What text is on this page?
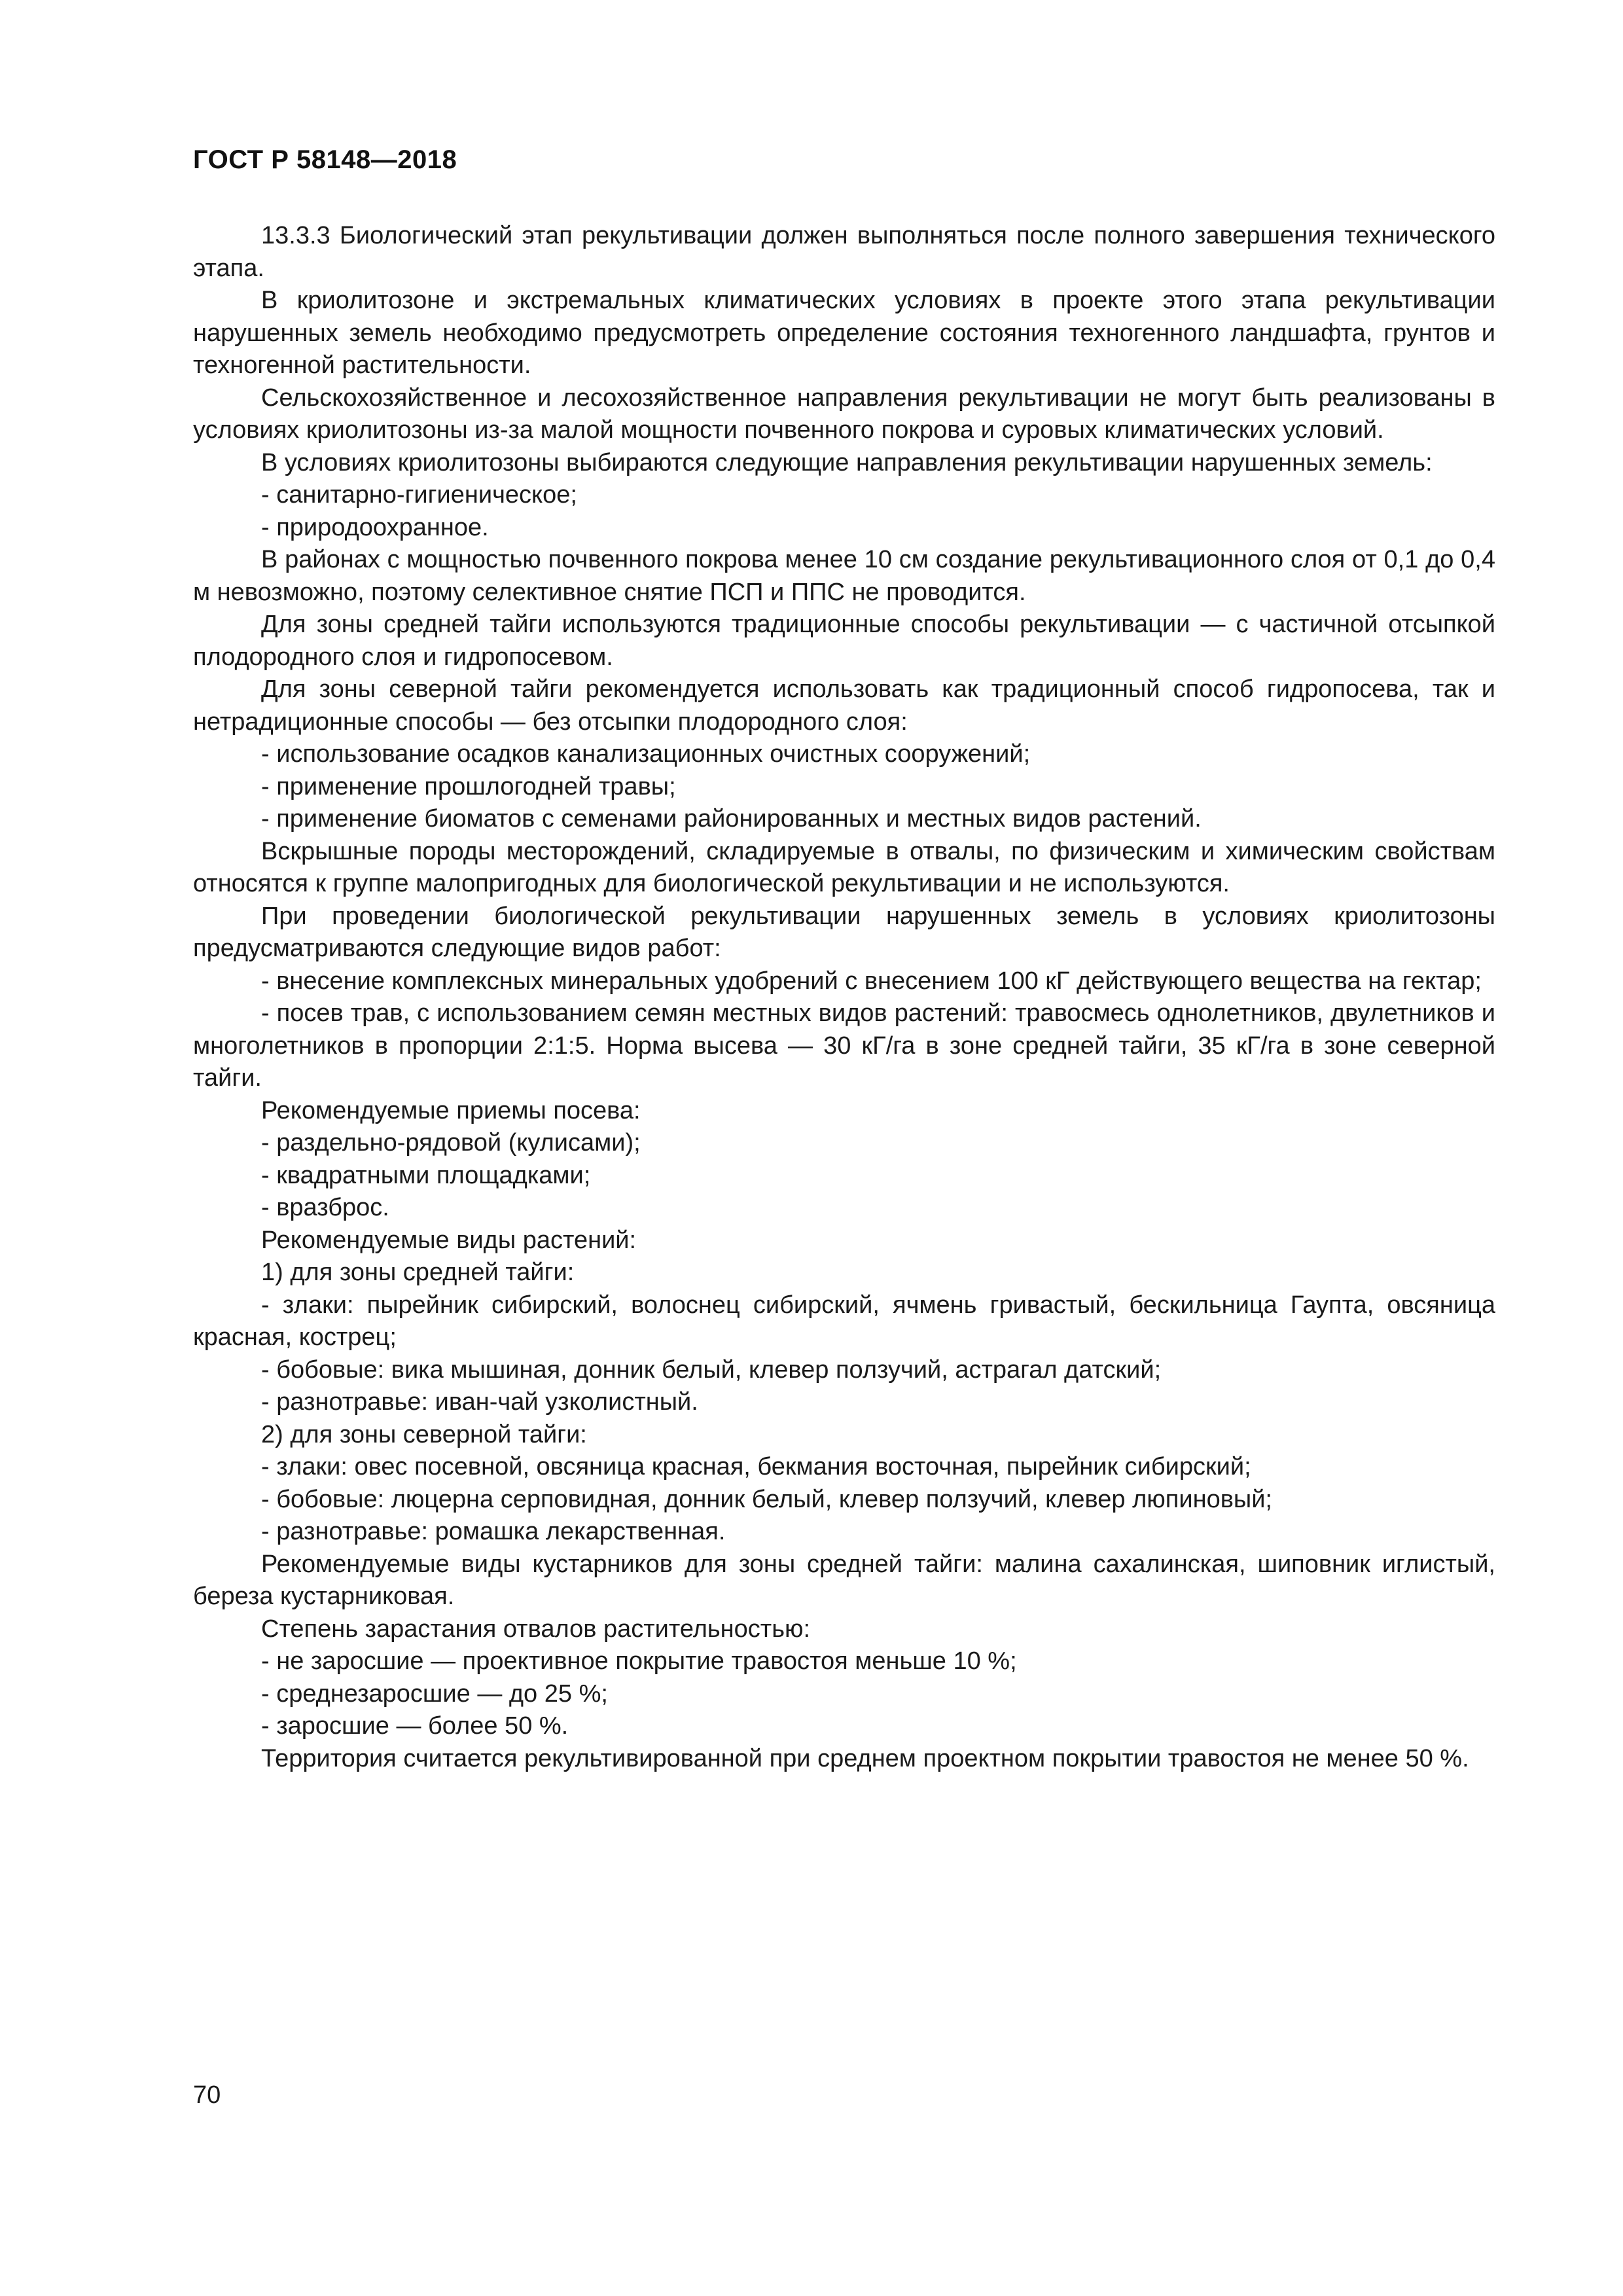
ГОСТ Р 58148—2018

13.3.3 Биологический этап рекультивации должен выполняться после полного завершения технического этапа.

В криолитозоне и экстремальных климатических условиях в проекте этого этапа рекультивации нарушенных земель необходимо предусмотреть определение состояния техногенного ландшафта, грунтов и техногенной растительности.

Сельскохозяйственное и лесохозяйственное направления рекультивации не могут быть реализованы в условиях криолитозоны из-за малой мощности почвенного покрова и суровых климатических условий.

В условиях криолитозоны выбираются следующие направления рекультивации нарушенных земель:

- санитарно-гигиеническое;

- природоохранное.

В районах с мощностью почвенного покрова менее 10 см создание рекультивационного слоя от 0,1 до 0,4 м невозможно, поэтому селективное снятие ПСП и ППС не проводится.

Для зоны средней тайги используются традиционные способы рекультивации — с частичной отсыпкой плодородного слоя и гидропосевом.

Для зоны северной тайги рекомендуется использовать как традиционный способ гидропосева, так и нетрадиционные способы — без отсыпки плодородного слоя:

- использование осадков канализационных очистных сооружений;

- применение прошлогодней травы;

- применение биоматов с семенами районированных и местных видов растений.

Вскрышные породы месторождений, складируемые в отвалы, по физическим и химическим свойствам относятся к группе малопригодных для биологической рекультивации и не используются.

При проведении биологической рекультивации нарушенных земель в условиях криолитозоны предусматриваются следующие видов работ:

- внесение комплексных минеральных удобрений с внесением 100 кГ действующего вещества на гектар;

- посев трав, с использованием семян местных видов растений: травосмесь однолетников, двулетников и многолетников в пропорции 2:1:5. Норма высева — 30 кГ/га в зоне средней тайги, 35 кГ/га в зоне северной тайги.

Рекомендуемые приемы посева:

- раздельно-рядовой (кулисами);

- квадратными площадками;

- вразброс.

Рекомендуемые виды растений:

1) для зоны средней тайги:

- злаки: пырейник сибирский, волоснец сибирский, ячмень гривастый, бескильница Гаупта, овсяница красная, кострец;

- бобовые: вика мышиная, донник белый, клевер ползучий, астрагал датский;

- разнотравье: иван-чай узколистный.

2) для зоны северной тайги:

- злаки: овес посевной, овсяница красная, бекмания восточная, пырейник сибирский;

- бобовые: люцерна серповидная, донник белый, клевер ползучий, клевер люпиновый;

- разнотравье: ромашка лекарственная.

Рекомендуемые виды кустарников для зоны средней тайги: малина сахалинская, шиповник иглистый, береза кустарниковая.

Степень зарастания отвалов растительностью:

- не заросшие — проективное покрытие травостоя меньше 10 %;

- среднезаросшие — до 25 %;

- заросшие — более 50 %.

Территория считается рекультивированной при среднем проектном покрытии травостоя не менее 50 %.

70
